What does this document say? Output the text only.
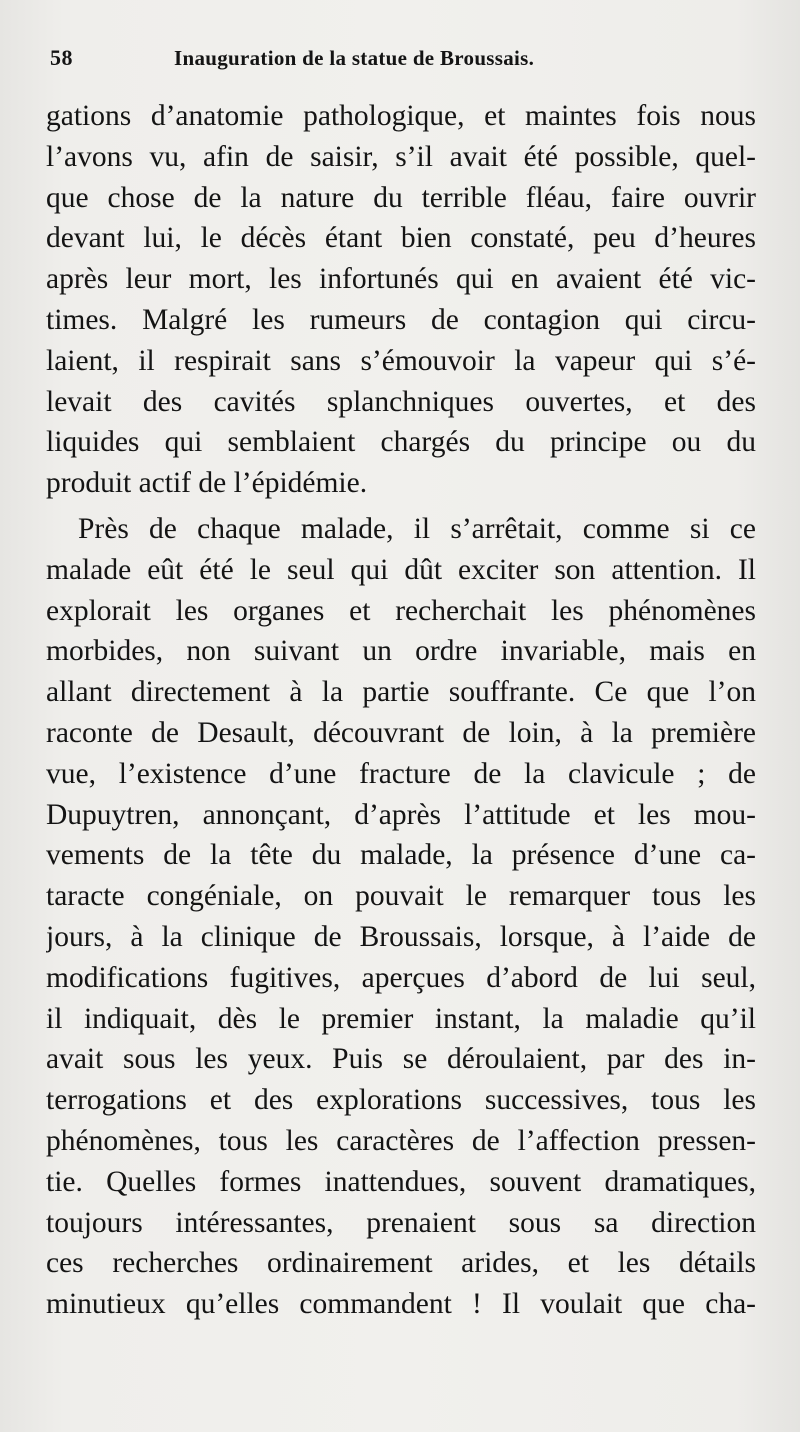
58	Inauguration de la statue de Broussais.
gations d’anatomie pathologique, et maintes fois nous
l’avons vu, afin de saisir, s’il avait été possible, quel-
que chose de la nature du terrible fléau, faire ouvrir
devant lui, le décès étant bien constaté, peu d’heures
après leur mort, les infortunés qui en avaient été vic-
times. Malgré les rumeurs de contagion qui circu-
laient, il respirait sans s’émouvoir la vapeur qui s’é-
levait des cavités splanchniques ouvertes, et des
liquides qui semblaient chargés du principe ou du
produit actif de l’épidémie.
Près de chaque malade, il s’arrêtait, comme si ce
malade eût été le seul qui dût exciter son attention. Il
explorait les organes et recherchait les phénomènes
morbides, non suivant un ordre invariable, mais en
allant directement à la partie souffrante. Ce que l’on
raconte de Desault, découvrant de loin, à la première
vue, l’existence d’une fracture de la clavicule ; de
Dupuytren, annonçant, d’après l’attitude et les mou-
vements de la tête du malade, la présence d’une ca-
taracte congéniale, on pouvait le remarquer tous les
jours, à la clinique de Broussais, lorsque, à l’aide de
modifications fugitives, aperçues d’abord de lui seul,
il indiquait, dès le premier instant, la maladie qu’il
avait sous les yeux. Puis se déroulaient, par des in-
terrogations et des explorations successives, tous les
phénomènes, tous les caractères de l’affection pressen-
tie. Quelles formes inattendues, souvent dramatiques,
toujours intéressantes, prenaient sous sa direction
ces recherches ordinairement arides, et les détails
minutieux qu’elles commandent ! Il voulait que cha-
